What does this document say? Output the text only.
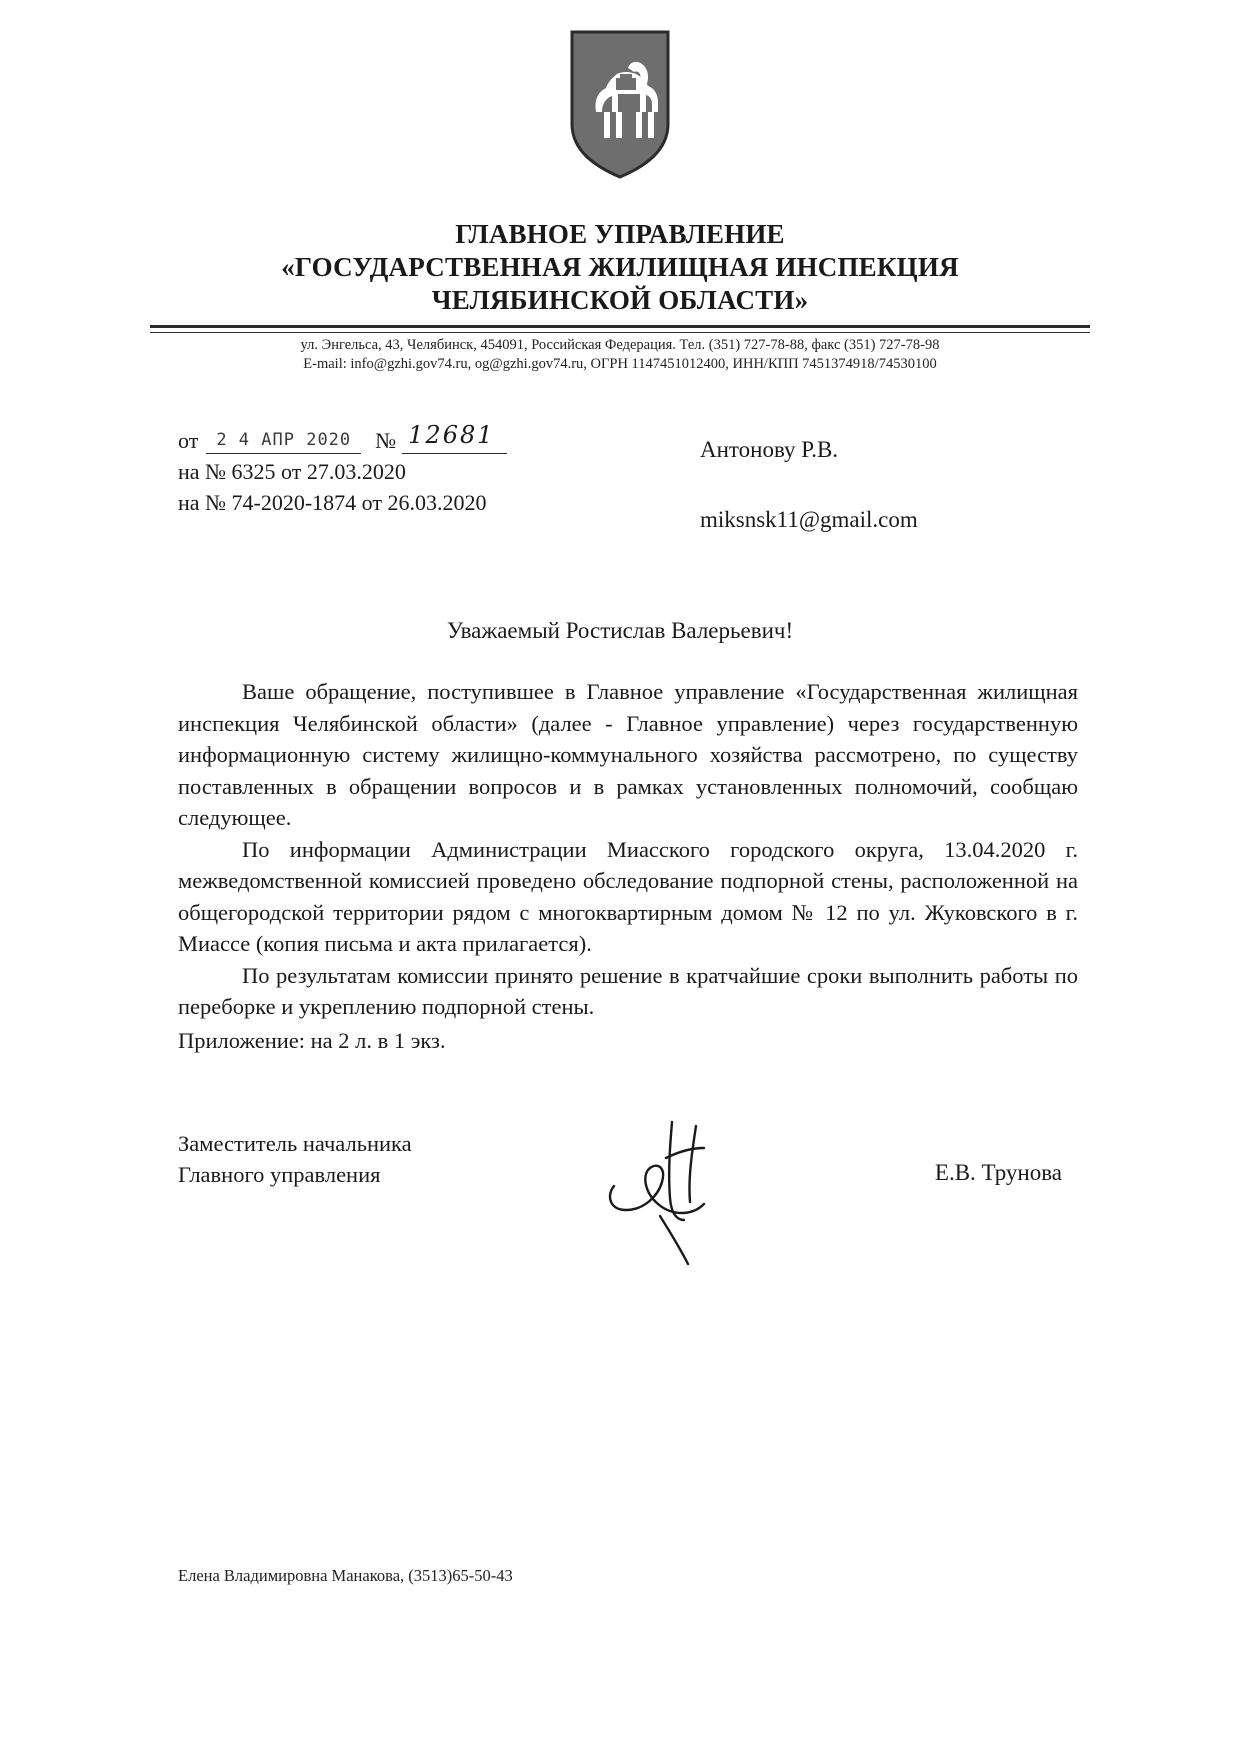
ГЛАВНОЕ УПРАВЛЕНИЕ
«ГОСУДАРСТВЕННАЯ ЖИЛИЩНАЯ ИНСПЕКЦИЯ
ЧЕЛЯБИНСКОЙ ОБЛАСТИ»
ул. Энгельса, 43, Челябинск, 454091, Российская Федерация. Тел. (351) 727-78-88, факс (351) 727-78-98
E-mail: info@gzhi.gov74.ru, og@gzhi.gov74.ru, ОГРН 1147451012400, ИНН/КПП 7451374918/74530100
от	2 4 АПР 2020	№ 12681
на № 6325 от 27.03.2020
на № 74-2020-1874 от 26.03.2020
Антонову Р.В.
miksnsk11@gmail.com
Уважаемый Ростислав Валерьевич!

Ваше обращение, поступившее в Главное управление «Государственная жилищная инспекция Челябинской области» (далее - Главное управление) через государственную информационную систему жилищно-коммунального хозяйства рассмотрено, по существу поставленных в обращении вопросов и в рамках установленных полномочий, сообщаю следующее.

По информации Администрации Миасского городского округа, 13.04.2020 г. межведомственной комиссией проведено обследование подпорной стены, расположенной на общегородской территории рядом с многоквартирным домом № 12 по ул. Жуковского в г. Миассе (копия письма и акта прилагается).

По результатам комиссии принято решение в кратчайшие сроки выполнить работы по переборке и укреплению подпорной стены.

Приложение: на 2 л. в 1 экз.
Заместитель начальника
Главного управления	Е.В. Трунова
Елена Владимировна Манакова, (3513)65-50-43
